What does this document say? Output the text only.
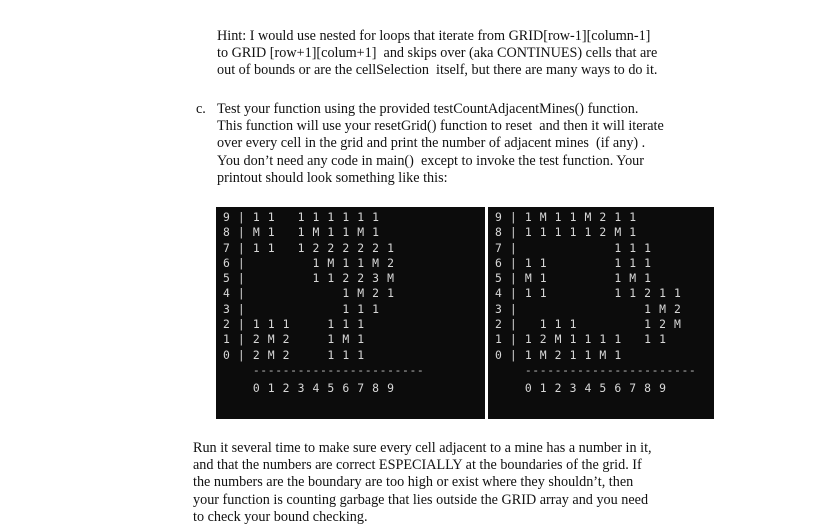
Hint: I would use nested for loops that iterate from GRID[row-1][column-1]
to GRID [row+1][colum+1]  and skips over (aka CONTINUES) cells that are
out of bounds or are the cellSelection  itself, but there are many ways to do it.

c. Test your function using the provided testCountAdjacentMines() function.
This function will use your resetGrid() function to reset  and then it will iterate
over every cell in the grid and print the number of adjacent mines  (if any) .
You don’t need any code in main()  except to invoke the test function. Your
printout should look something like this:

9 | 1 1   1 1 1 1 1 1
8 | M 1   1 M 1 1 M 1
7 | 1 1   1 2 2 2 2 2 1
6 |         1 M 1 1 M 2
5 |         1 1 2 2 3 M
4 |             1 M 2 1
3 |             1 1 1
2 | 1 1 1     1 1 1
1 | 2 M 2     1 M 1
0 | 2 M 2     1 1 1
-----------------------
0 1 2 3 4 5 6 7 8 9
9 | 1 M 1 1 M 2 1 1
8 | 1 1 1 1 1 2 M 1
7 |             1 1 1
6 | 1 1         1 1 1
5 | M 1         1 M 1
4 | 1 1         1 1 2 1 1
3 |                 1 M 2
2 |   1 1 1         1 2 M
1 | 1 2 M 1 1 1 1   1 1
0 | 1 M 2 1 1 M 1
-----------------------
0 1 2 3 4 5 6 7 8 9

Run it several time to make sure every cell adjacent to a mine has a number in it,
and that the numbers are correct ESPECIALLY at the boundaries of the grid. If
the numbers are the boundary are too high or exist where they shouldn’t, then
your function is counting garbage that lies outside the GRID array and you need
to check your bound checking.
